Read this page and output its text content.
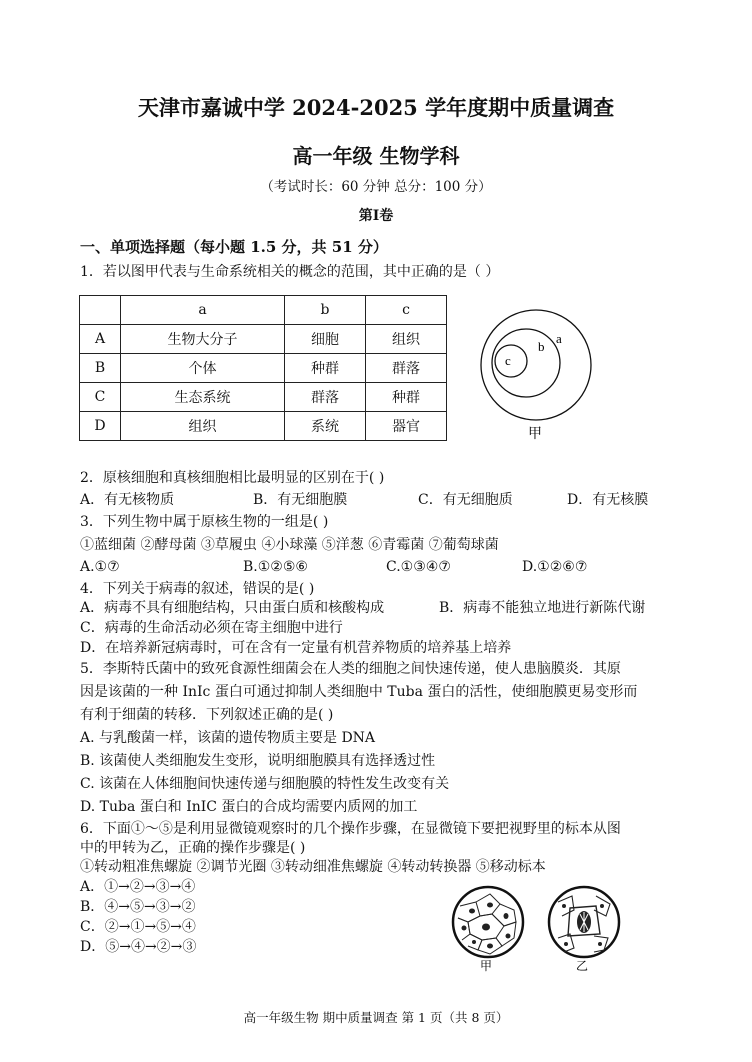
天津市嘉诚中学 2024-2025 学年度期中质量调查
高一年级 生物学科
（考试时长：60 分钟 总分：100 分）
第Ⅰ卷
一、单项选择题（每小题 1.5 分，共 51 分）
1．若以图甲代表与生命系统相关的概念的范围，其中正确的是（ ）
	a	b	c
A	生物大分子	细胞	组织
B	个体	种群	群落
C	生态系统	群落	种群
D	组织	系统	器官
a
b
c
甲
2．原核细胞和真核细胞相比最明显的区别在于( )
A．有无核物质	B．有无细胞膜	C．有无细胞质	D．有无核膜
3．下列生物中属于原核生物的一组是( )
①蓝细菌 ②酵母菌 ③草履虫 ④小球藻 ⑤洋葱 ⑥青霉菌 ⑦葡萄球菌
A.①⑦	B.①②⑤⑥	C.①③④⑦	D.①②⑥⑦
4．下列关于病毒的叙述，错误的是( )
A．病毒不具有细胞结构，只由蛋白质和核酸构成	B．病毒不能独立地进行新陈代谢
C．病毒的生命活动必须在寄主细胞中进行
D．在培养新冠病毒时，可在含有一定量有机营养物质的培养基上培养
5．李斯特氏菌中的致死食源性细菌会在人类的细胞之间快速传递，使人患脑膜炎．其原
因是该菌的一种 InIc 蛋白可通过抑制人类细胞中 Tuba 蛋白的活性，使细胞膜更易变形而
有利于细菌的转移．下列叙述正确的是( )
A. 与乳酸菌一样，该菌的遗传物质主要是 DNA
B. 该菌使人类细胞发生变形，说明细胞膜具有选择透过性
C. 该菌在人体细胞间快速传递与细胞膜的特性发生改变有关
D. Tuba 蛋白和 InIC 蛋白的合成均需要内质网的加工
6．下面①～⑤是利用显微镜观察时的几个操作步骤，在显微镜下要把视野里的标本从图
中的甲转为乙，正确的操作步骤是( )
①转动粗准焦螺旋 ②调节光圈 ③转动细准焦螺旋 ④转动转换器 ⑤移动标本
A．①→②→③→④
B．④→⑤→③→②
C．②→①→⑤→④
D．⑤→④→②→③
甲	乙
高一年级生物 期中质量调查 第 1 页（共 8 页）
